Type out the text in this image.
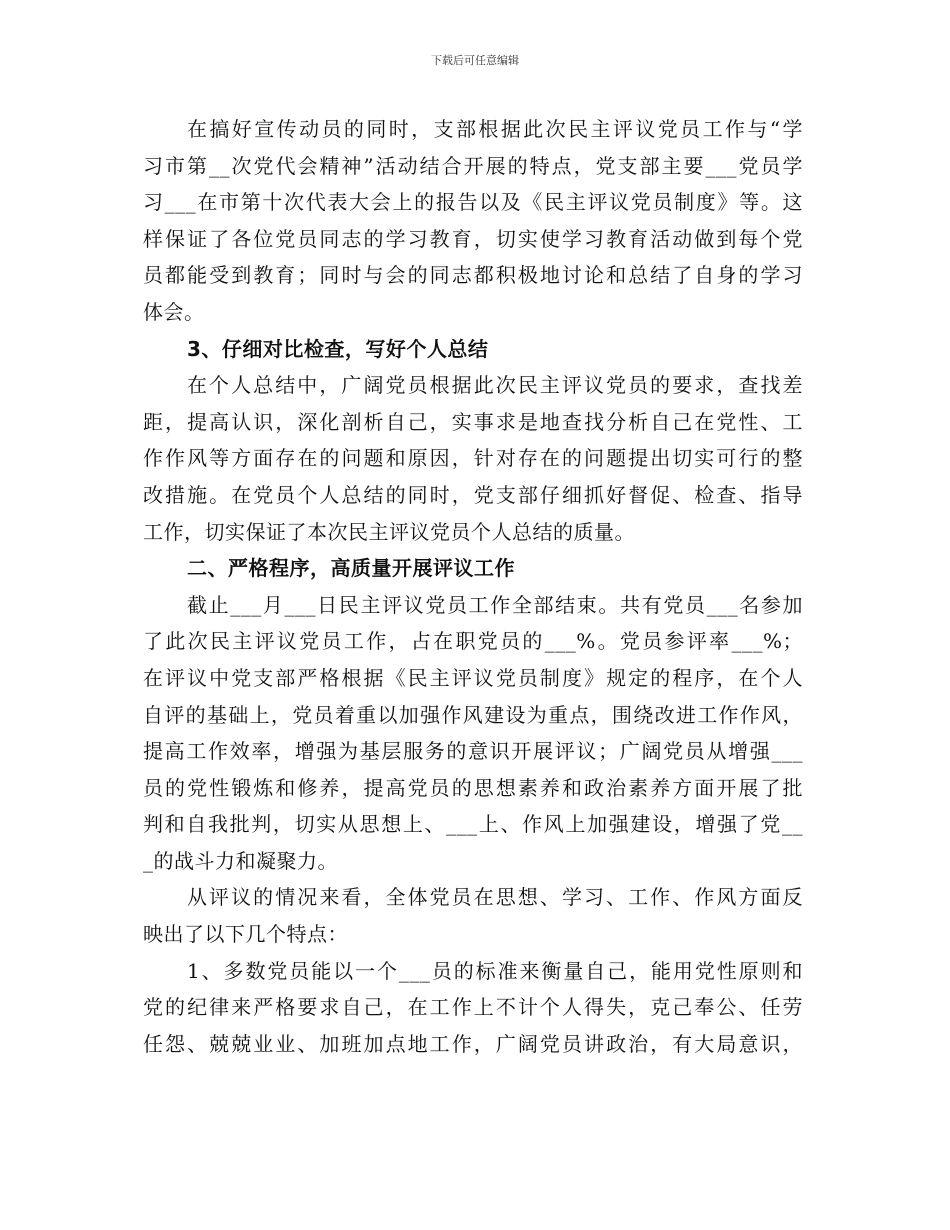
下载后可任意编辑
在搞好宣传动员的同时，支部根据此次民主评议党员工作与“学
习市第__次党代会精神”活动结合开展的特点，党支部主要___党员学
习___在市第十次代表大会上的报告以及《民主评议党员制度》等。这
样保证了各位党员同志的学习教育，切实使学习教育活动做到每个党
员都能受到教育；同时与会的同志都积极地讨论和总结了自身的学习
体会。
3、仔细对比检查，写好个人总结
在个人总结中，广阔党员根据此次民主评议党员的要求，查找差
距，提高认识，深化剖析自己，实事求是地查找分析自己在党性、工
作作风等方面存在的问题和原因，针对存在的问题提出切实可行的整
改措施。在党员个人总结的同时，党支部仔细抓好督促、检查、指导
工作，切实保证了本次民主评议党员个人总结的质量。
二、严格程序，高质量开展评议工作
截止___月___日民主评议党员工作全部结束。共有党员___名参加
了此次民主评议党员工作，占在职党员的___%。党员参评率___%；
在评议中党支部严格根据《民主评议党员制度》规定的程序，在个人
自评的基础上，党员着重以加强作风建设为重点，围绕改进工作作风，
提高工作效率，增强为基层服务的意识开展评议；广阔党员从增强___
员的党性锻炼和修养，提高党员的思想素养和政治素养方面开展了批
判和自我批判，切实从思想上、___上、作风上加强建设，增强了党__
_的战斗力和凝聚力。
从评议的情况来看，全体党员在思想、学习、工作、作风方面反
映出了以下几个特点：
1、多数党员能以一个___员的标准来衡量自己，能用党性原则和
党的纪律来严格要求自己，在工作上不计个人得失，克己奉公、任劳
任怨、兢兢业业、加班加点地工作，广阔党员讲政治，有大局意识，
